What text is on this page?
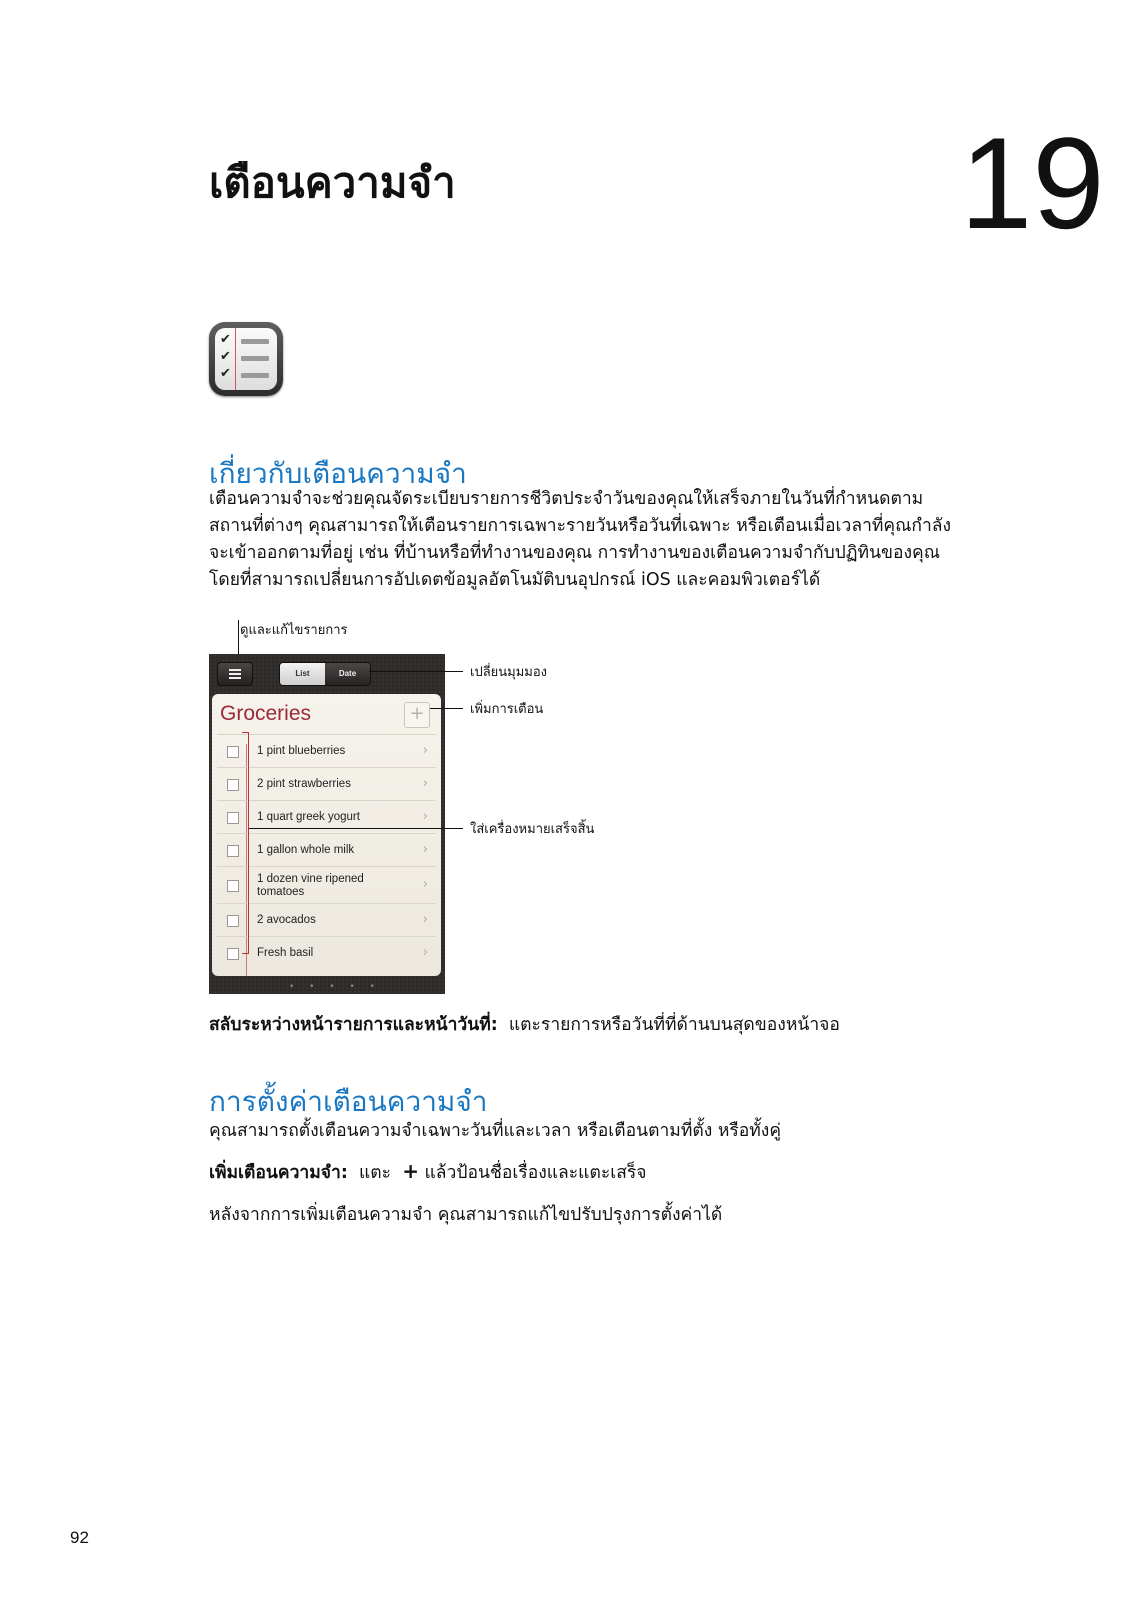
เตือนความจำ	19
✔
✔
✔
เกี่ยวกับเตือนความจำ

เตือนความจำจะช่วยคุณจัดระเบียบรายการชีวิตประจำวันของคุณให้เสร็จภายในวันที่กำหนดตาม

สถานที่ต่างๆ คุณสามารถให้เตือนรายการเฉพาะรายวันหรือวันที่เฉพาะ หรือเตือนเมื่อเวลาที่คุณกำลัง

จะเข้าออกตามที่อยู่ เช่น ที่บ้านหรือที่ทำงานของคุณ การทำงานของเตือนความจำกับปฏิทินของคุณ

โดยที่สามารถเปลี่ยนการอัปเดตข้อมูลอัตโนมัติบนอุปกรณ์ iOS และคอมพิวเตอร์ได้

ดูและแก้ไขรายการ
List	Date
Groceries	+
1 pint blueberries	›
2 pint strawberries	›
1 quart greek yogurt	›
1 gallon whole milk	›
1 dozen vine ripened tomatoes	›
2 avocados	›
Fresh basil	›
• • • • •
เปลี่ยนมุมมอง
เพิ่มการเตือน
ใส่เครื่องหมายเสร็จสิ้น

สลับระหว่างหน้ารายการและหน้าวันที่: แตะรายการหรือวันที่ที่ด้านบนสุดของหน้าจอ

การตั้งค่าเตือนความจำ

คุณสามารถตั้งเตือนความจำเฉพาะวันที่และเวลา หรือเตือนตามที่ตั้ง หรือทั้งคู่

เพิ่มเตือนความจำ: แตะ + แล้วป้อนชื่อเรื่องและแตะเสร็จ

หลังจากการเพิ่มเตือนความจำ คุณสามารถแก้ไขปรับปรุงการตั้งค่าได้

92
